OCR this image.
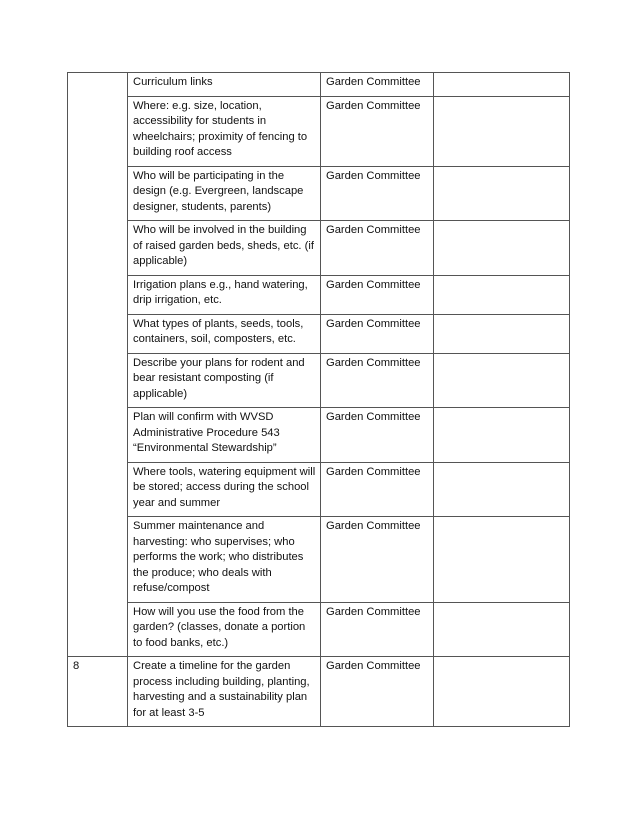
	Curriculum links	Garden Committee	
	Where: e.g. size, location, accessibility for students in wheelchairs; proximity of fencing to building roof access	Garden Committee	
	Who will be participating in the design (e.g. Evergreen, landscape designer, students, parents)	Garden Committee	
	Who will be involved in the building of raised garden beds, sheds, etc. (if applicable)	Garden Committee	
	Irrigation plans e.g., hand watering, drip irrigation, etc.	Garden Committee	
	What types of plants, seeds, tools, containers, soil, composters, etc.	Garden Committee	
	Describe your plans for rodent and bear resistant composting (if applicable)	Garden Committee	
	Plan will confirm with WVSD Administrative Procedure 543 “Environmental Stewardship”	Garden Committee	
	Where tools, watering equipment will be stored; access during the school year and summer	Garden Committee	
	Summer maintenance and harvesting: who supervises; who performs the work; who distributes the produce; who deals with refuse/compost	Garden Committee	
	How will you use the food from the garden? (classes, donate a portion to food banks, etc.)	Garden Committee	
8	Create a timeline for the garden process including building, planting, harvesting and a sustainability plan for at least 3-5	Garden Committee	
